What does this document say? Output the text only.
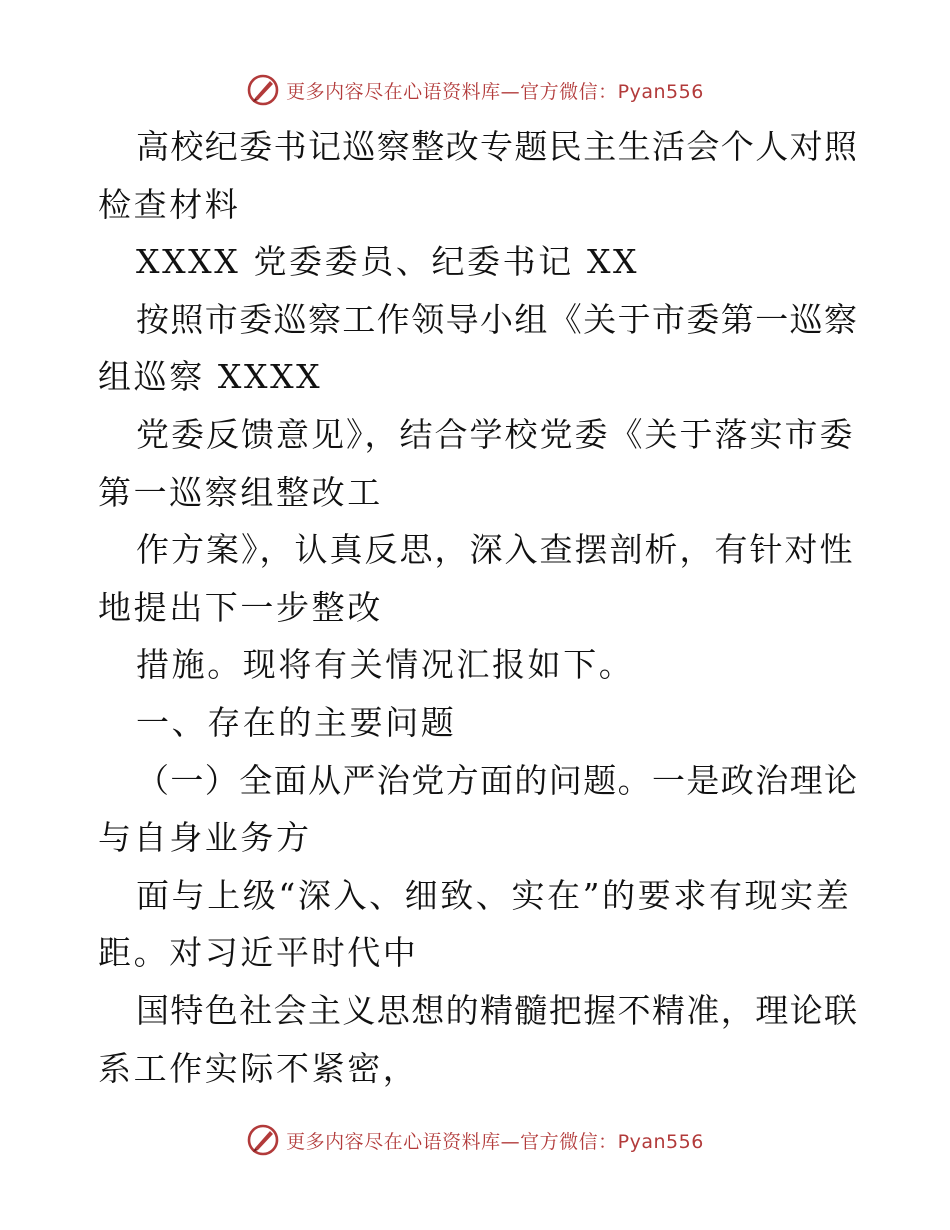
更多内容尽在心语资料库—官方微信：Pyan556
高校纪委书记巡察整改专题民主生活会个人对照
检查材料
XXXX 党委委员、纪委书记 XX
按照市委巡察工作领导小组《关于市委第一巡察
组巡察 XXXX
党委反馈意见》，结合学校党委《关于落实市委
第一巡察组整改工
作方案》，认真反思，深入查摆剖析，有针对性
地提出下一步整改
措施。现将有关情况汇报如下。
一、存在的主要问题
（一）全面从严治党方面的问题。一是政治理论
与自身业务方
面与上级“深入、细致、实在”的要求有现实差
距。对习近平时代中
国特色社会主义思想的精髓把握不精准，理论联
系工作实际不紧密，
更多内容尽在心语资料库—官方微信：Pyan556
